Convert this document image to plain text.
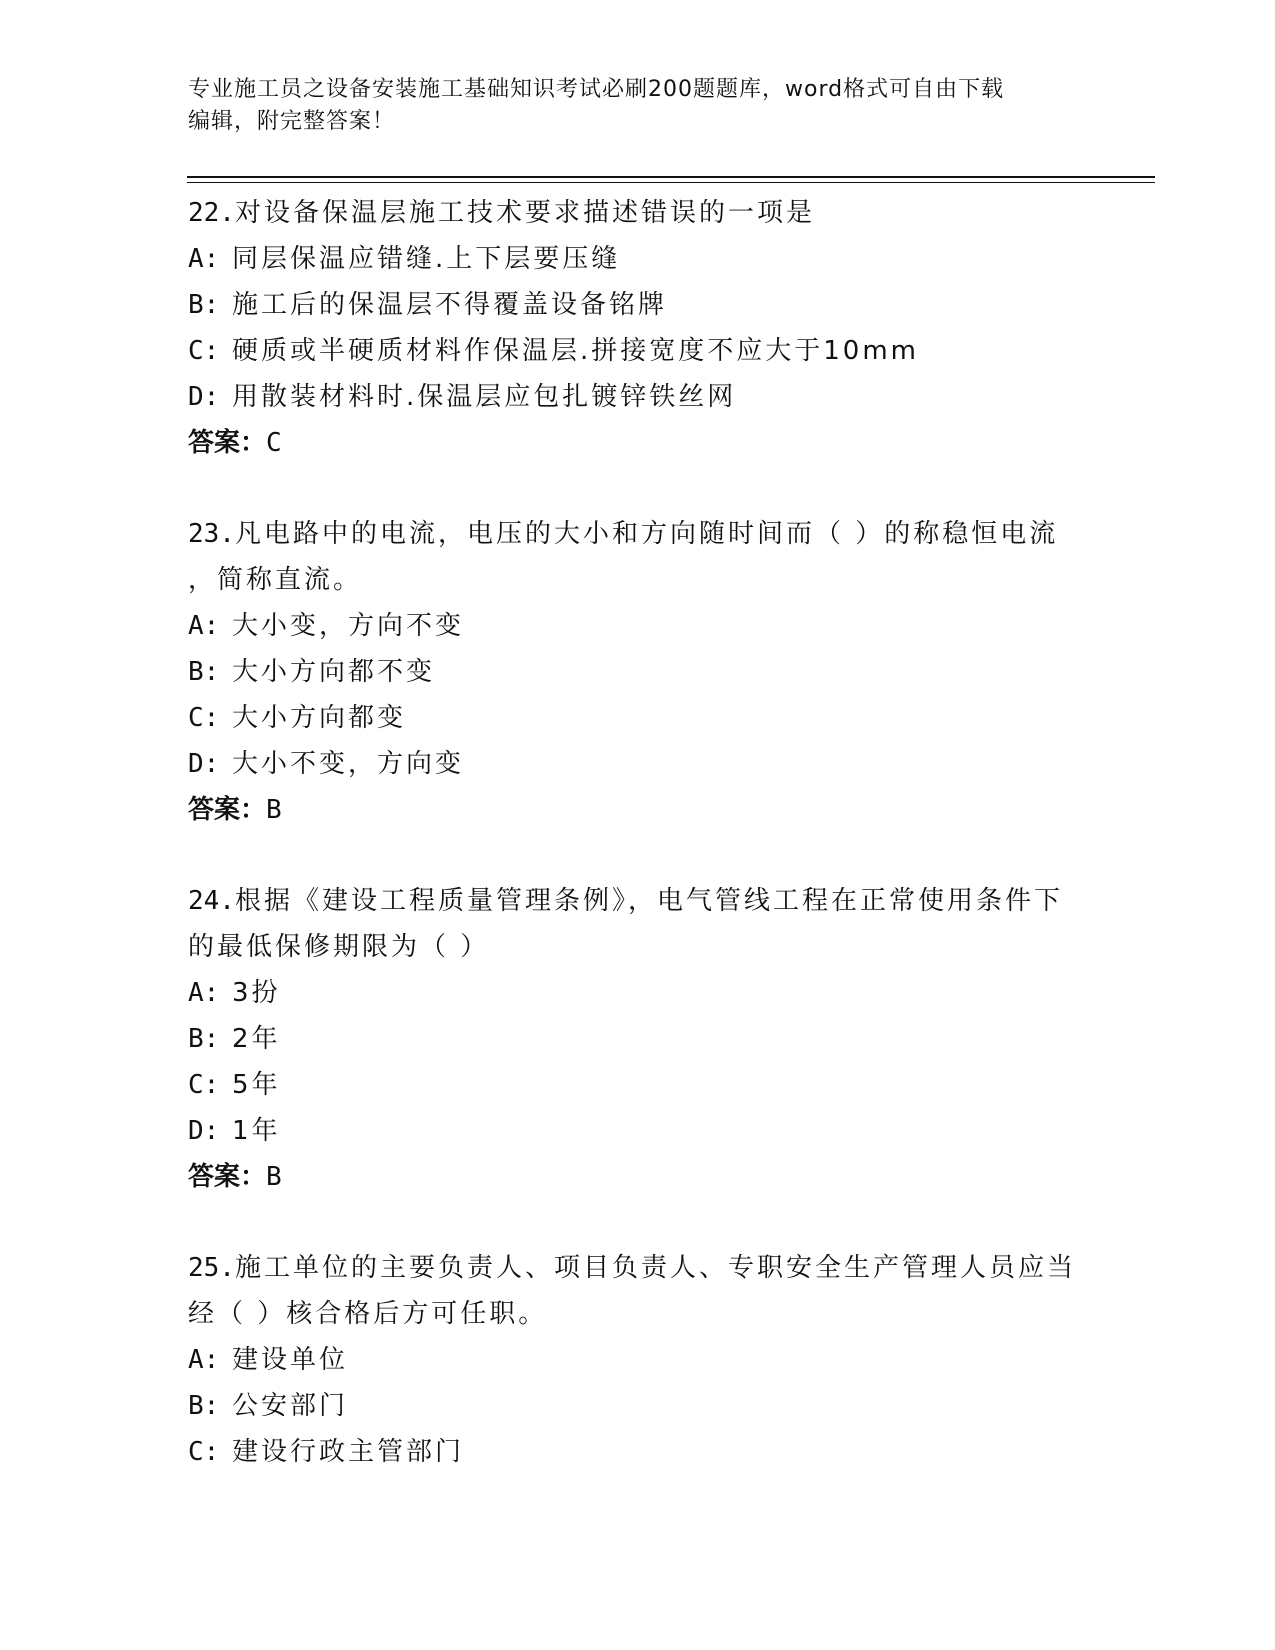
专业施工员之设备安装施工基础知识考试必刷200题题库，word格式可自由下载
编辑，附完整答案！
22.对设备保温层施工技术要求描述错误的一项是
A: 同层保温应错缝.上下层要压缝
B: 施工后的保温层不得覆盖设备铭牌
C: 硬质或半硬质材料作保温层.拼接宽度不应大于10mm
D: 用散装材料时.保温层应包扎镀锌铁丝网
答案：C
23.凡电路中的电流，电压的大小和方向随时间而（ ）的称稳恒电流
，简称直流。
A: 大小变，方向不变
B: 大小方向都不变
C: 大小方向都变
D: 大小不变，方向变
答案：B
24.根据《建设工程质量管理条例》，电气管线工程在正常使用条件下
的最低保修期限为（ ）
A: 3扮
B: 2年
C: 5年
D: 1年
答案：B
25.施工单位的主要负责人、项目负责人、专职安全生产管理人员应当
经（ ）核合格后方可任职。
A: 建设单位
B: 公安部门
C: 建设行政主管部门
